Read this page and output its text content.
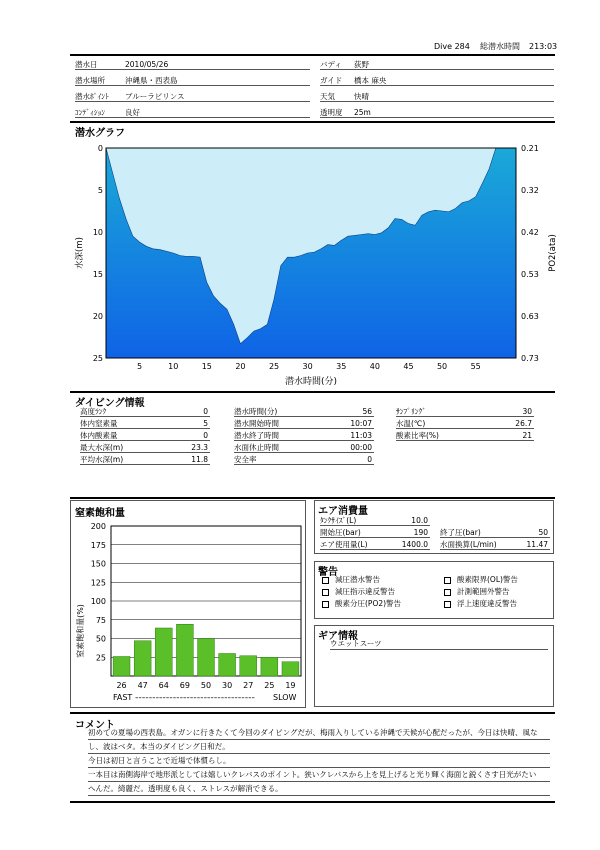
Dive 284 総潜水時間 213:03
潜水日	2010/05/26
潜水場所	沖縄県・西表島
潜水ﾎﾟｲﾝﾄ	ブルーラビリンス
ｺﾝﾃﾞｨｼｮﾝ	良好
バディ	荻野
ガイド	橋本 麻央
天気	快晴
透明度	25m
潜水グラフ
0
5
10
15
20
25
0.21
0.32
0.42
0.53
0.63
0.73
5	10	15	20	25	30	35	40	45	50	55
水深(m)	PO2(ata)
潜水時間(分)
ダイビング情報
高度ﾗﾝｸ	0
体内窒素量	5
体内酸素量	0
最大水深(m)	23.3
平均水深(m)	11.8
潜水時間(分)	56
潜水開始時間	10:07
潜水終了時間	11:03
水面休止時間	00:00
安全率	0
ｻﾝﾌﾟﾘﾝｸﾞ	30
水温(℃)	26.7
酸素比率(%)	21
窒素飽和量
200
175
150
125
100
75
50
25
26 47 64 69 50 30 27 25 19
窒素飽和量(%)
FAST ----------------------------------- SLOW
エア消費量
ﾀﾝｸｻｲｽﾞ(L)	10.0
開始圧(bar)	190 終了圧(bar)	50
エア使用量(L)	1400.0 水面換算(L/min)	11.47
警告
減圧潜水警告	酸素限界(OL)警告
減圧指示違反警告	計測範囲外警告
酸素分圧(PO2)警告	浮上速度違反警告
ギア情報
ウエットスーツ
コメント
初めての夏場の西表島。オガンに行きたくて今回のダイビングだが、梅雨入りしている沖縄で天候が心配だったが、今日は快晴、風な
し、波はベタ。本当のダイビング日和だ。
今日は初日と言うことで近場で体慣らし。
一本目は南側海岸で地形派としては嬉しいクレバスのポイント。狭いクレバスから上を見上げると光り輝く海面と鋭くさす日光がたい
へんだ。綺麗だ。透明度も良く、ストレスが解消できる。
